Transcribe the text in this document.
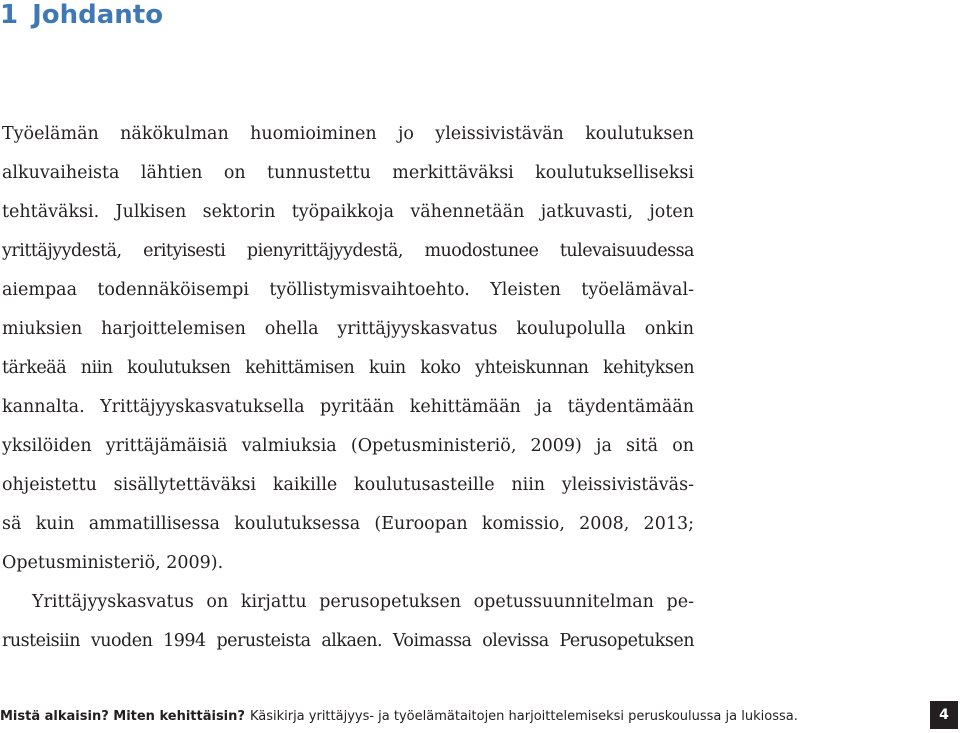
1 Johdanto
Työelämän näkökulman huomioiminen jo yleissivistävän koulutuksen
alkuvaiheista lähtien on tunnustettu merkittäväksi koulutukselliseksi
tehtäväksi. Julkisen sektorin työpaikkoja vähennetään jatkuvasti, joten
yrittäjyydestä, erityisesti pienyrittäjyydestä, muodostunee tulevaisuudessa
aiempaa todennäköisempi työllistymisvaihtoehto. Yleisten työelämäval-
miuksien harjoittelemisen ohella yrittäjyyskasvatus koulupolulla onkin
tärkeää niin koulutuksen kehittämisen kuin koko yhteiskunnan kehityksen
kannalta. Yrittäjyyskasvatuksella pyritään kehittämään ja täydentämään
yksilöiden yrittäjämäisiä valmiuksia (Opetusministeriö, 2009) ja sitä on
ohjeistettu sisällytettäväksi kaikille koulutusasteille niin yleissivistäväs-
sä kuin ammatillisessa koulutuksessa (Euroopan komissio, 2008, 2013;
Opetusministeriö, 2009).
Yrittäjyyskasvatus on kirjattu perusopetuksen opetussuunnitelman pe-
rusteisiin vuoden 1994 perusteista alkaen. Voimassa olevissa Perusopetuksen
Mistä alkaisin? Miten kehittäisin? Käsikirja yrittäjyys- ja työelämätaitojen harjoittelemiseksi peruskoulussa ja lukiossa.	4
